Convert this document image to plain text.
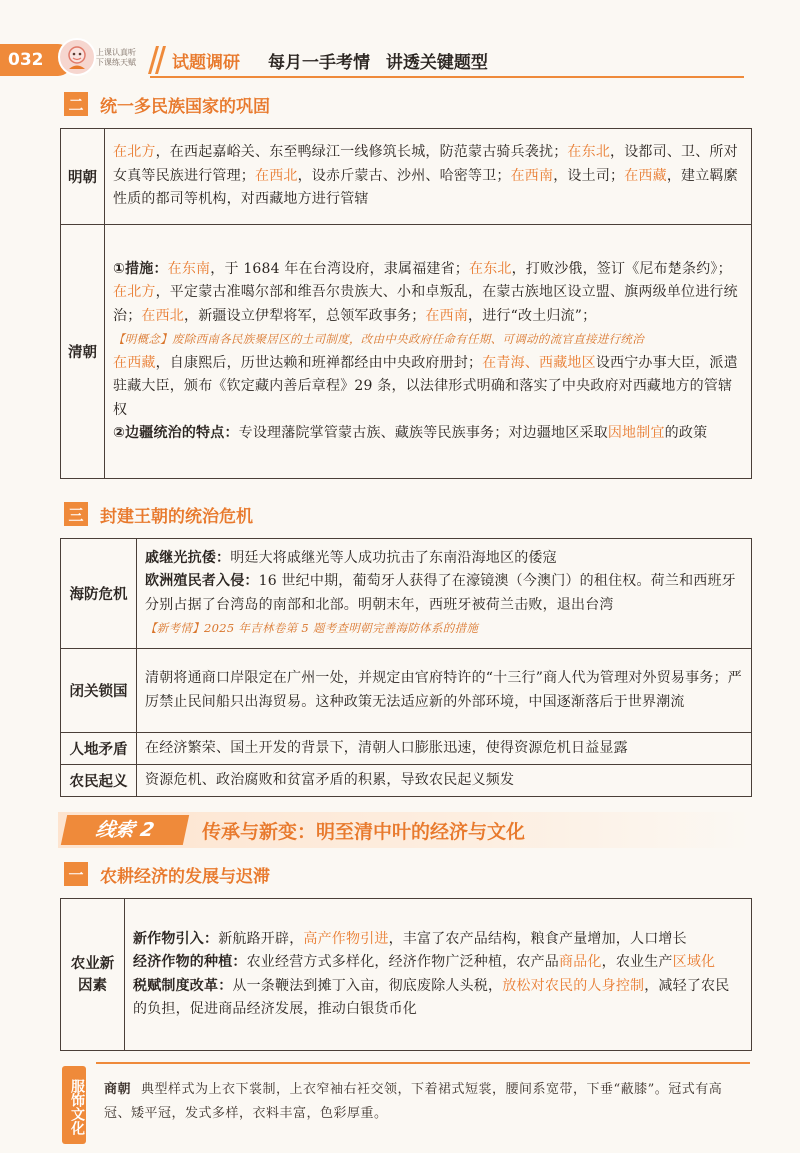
032	上课认真听 下课练天赋	试题调研 每月一手考情 讲透关键题型
二 统一多民族国家的巩固
明朝	在北方，在西起嘉峪关、东至鸭绿江一线修筑长城，防范蒙古骑兵袭扰；在东北，设都司、卫、所对女真等民族进行管理；在西北，设赤斤蒙古、沙州、哈密等卫；在西南，设土司；在西藏，建立羁縻性质的都司等机构，对西藏地方进行管辖
清朝	①措施：在东南，于 1684 年在台湾设府，隶属福建省；在东北，打败沙俄，签订《尼布楚条约》；在北方，平定蒙古准噶尔部和维吾尔贵族大、小和卓叛乱，在蒙古族地区设立盟、旗两级单位进行统治；在西北，新疆设立伊犁将军，总领军政事务；在西南，进行“改土归流”；
【明概念】废除西南各民族聚居区的土司制度，改由中央政府任命有任期、可调动的流官直接进行统治
在西藏，自康熙后，历世达赖和班禅都经由中央政府册封；在青海、西藏地区设西宁办事大臣，派遣驻藏大臣，颁布《钦定藏内善后章程》29 条，以法律形式明确和落实了中央政府对西藏地方的管辖权
②边疆统治的特点：专设理藩院掌管蒙古族、藏族等民族事务；对边疆地区采取因地制宜的政策
三 封建王朝的统治危机
海防危机	戚继光抗倭：明廷大将戚继光等人成功抗击了东南沿海地区的倭寇
欧洲殖民者入侵：16 世纪中期，葡萄牙人获得了在濠镜澳（今澳门）的租住权。荷兰和西班牙分别占据了台湾岛的南部和北部。明朝末年，西班牙被荷兰击败，退出台湾
【新考情】2025 年吉林卷第 5 题考查明朝完善海防体系的措施
闭关锁国	清朝将通商口岸限定在广州一处，并规定由官府特许的“十三行”商人代为管理对外贸易事务；严厉禁止民间船只出海贸易。这种政策无法适应新的外部环境，中国逐渐落后于世界潮流
人地矛盾	在经济繁荣、国土开发的背景下，清朝人口膨胀迅速，使得资源危机日益显露
农民起义	资源危机、政治腐败和贫富矛盾的积累，导致农民起义频发
线索 2	传承与新变：明至清中叶的经济与文化
一 农耕经济的发展与迟滞
农业新因素	新作物引入：新航路开辟，高产作物引进，丰富了农产品结构，粮食产量增加，人口增长
经济作物的种植：农业经营方式多样化，经济作物广泛种植，农产品商品化，农业生产区域化
税赋制度改革：从一条鞭法到摊丁入亩，彻底废除人头税，放松对农民的人身控制，减轻了农民的负担，促进商品经济发展，推动白银货币化
服饰文化 商朝 典型样式为上衣下裳制，上衣窄袖右衽交领，下着裙式短裳，腰间系宽带，下垂“蔽膝”。冠式有高冠、矮平冠，发式多样，衣料丰富，色彩厚重。
